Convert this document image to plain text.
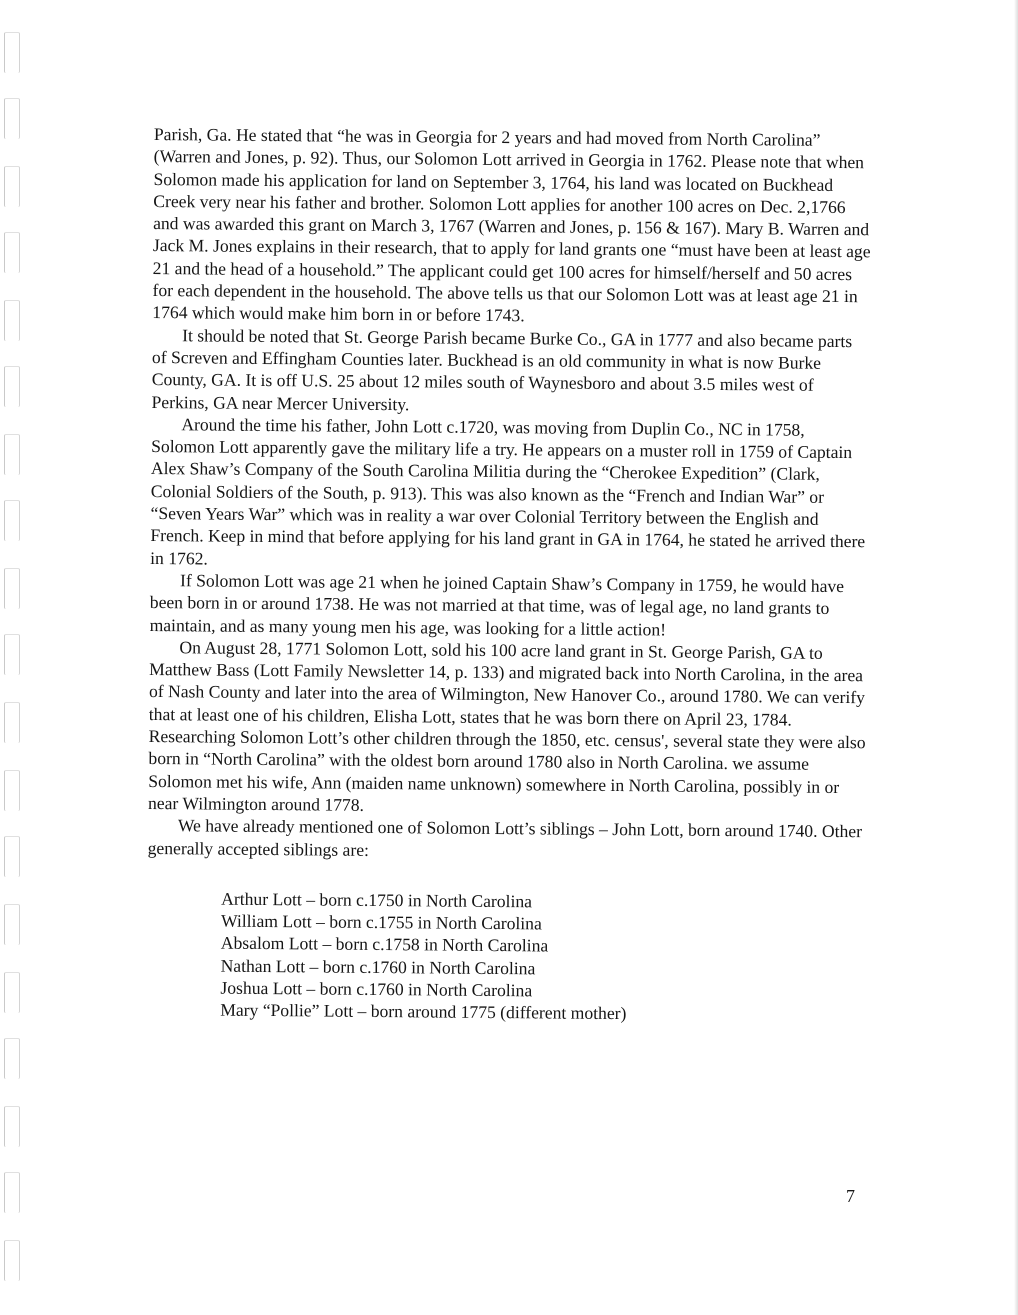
Parish, Ga. He stated that “he was in Georgia for 2 years and had moved from North Carolina” (Warren and Jones, p. 92). Thus, our Solomon Lott arrived in Georgia in 1762. Please note that when Solomon made his application for land on September 3, 1764, his land was located on Buckhead Creek very near his father and brother. Solomon Lott applies for another 100 acres on Dec. 2,1766 and was awarded this grant on March 3, 1767 (Warren and Jones, p. 156 & 167). Mary B. Warren and Jack M. Jones explains in their research, that to apply for land grants one “must have been at least age 21 and the head of a household.” The applicant could get 100 acres for himself/herself and 50 acres for each dependent in the household. The above tells us that our Solomon Lott was at least age 21 in 1764 which would make him born in or before 1743.

It should be noted that St. George Parish became Burke Co., GA in 1777 and also became parts of Screven and Effingham Counties later. Buckhead is an old community in what is now Burke County, GA. It is off U.S. 25 about 12 miles south of Waynesboro and about 3.5 miles west of Perkins, GA near Mercer University.

Around the time his father, John Lott c.1720, was moving from Duplin Co., NC in 1758, Solomon Lott apparently gave the military life a try. He appears on a muster roll in 1759 of Captain Alex Shaw’s Company of the South Carolina Militia during the “Cherokee Expedition” (Clark, Colonial Soldiers of the South, p. 913). This was also known as the “French and Indian War” or “Seven Years War” which was in reality a war over Colonial Territory between the English and French. Keep in mind that before applying for his land grant in GA in 1764, he stated he arrived there in 1762.

If Solomon Lott was age 21 when he joined Captain Shaw’s Company in 1759, he would have been born in or around 1738. He was not married at that time, was of legal age, no land grants to maintain, and as many young men his age, was looking for a little action!

On August 28, 1771 Solomon Lott, sold his 100 acre land grant in St. George Parish, GA to Matthew Bass (Lott Family Newsletter 14, p. 133) and migrated back into North Carolina, in the area of Nash County and later into the area of Wilmington, New Hanover Co., around 1780. We can verify that at least one of his children, Elisha Lott, states that he was born there on April 23, 1784. Researching Solomon Lott’s other children through the 1850, etc. census', several state they were also born in “North Carolina” with the oldest born around 1780 also in North Carolina. we assume Solomon met his wife, Ann (maiden name unknown) somewhere in North Carolina, possibly in or near Wilmington around 1778.

We have already mentioned one of Solomon Lott’s siblings – John Lott, born around 1740. Other generally accepted siblings are:

Arthur Lott – born c.1750 in North Carolina
William Lott – born c.1755 in North Carolina
Absalom Lott – born c.1758 in North Carolina
Nathan Lott – born c.1760 in North Carolina
Joshua Lott – born c.1760 in North Carolina
Mary “Pollie” Lott – born around 1775 (different mother)

7
